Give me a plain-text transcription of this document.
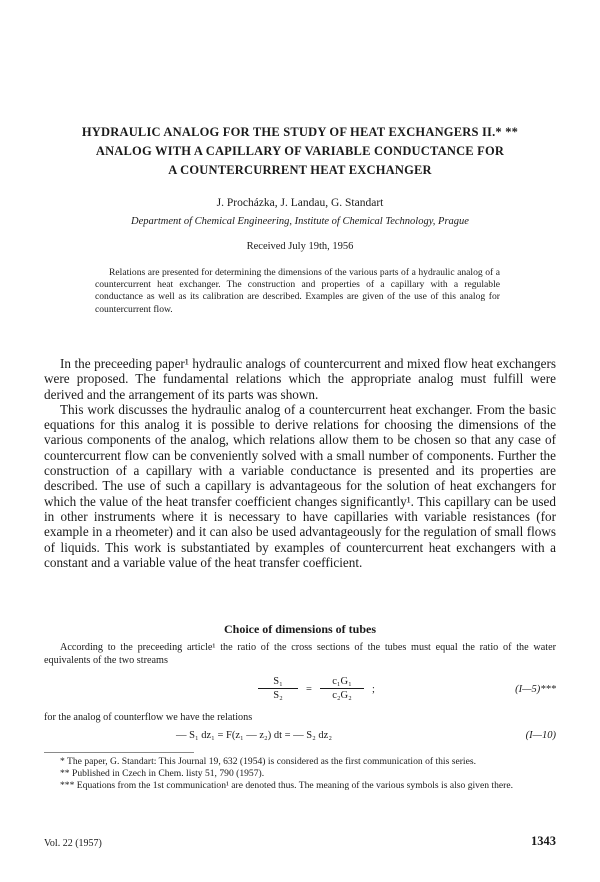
HYDRAULIC ANALOG FOR THE STUDY OF HEAT EXCHANGERS II.* **
ANALOG WITH A CAPILLARY OF VARIABLE CONDUCTANCE FOR
A COUNTERCURRENT HEAT EXCHANGER
J. Procházka, J. Landau, G. Standart
Department of Chemical Engineering, Institute of Chemical Technology, Prague
Received July 19th, 1956
Relations are presented for determining the dimensions of the various parts of a hydraulic analog of a countercurrent heat exchanger. The construction and properties of a capillary with a regulable conductance as well as its calibration are described. Examples are given of the use of this analog for countercurrent flow.

In the preceeding paper¹ hydraulic analogs of countercurrent and mixed flow heat exchangers were proposed. The fundamental relations which the appropriate analog must fulfill were derived and the arrangement of its parts was shown.

This work discusses the hydraulic analog of a countercurrent heat exchanger. From the basic equations for this analog it is possible to derive relations for choosing the dimensions of the various components of the analog, which relations allow them to be chosen so that any case of countercurrent flow can be conveniently solved with a small number of components. Further the construction of a capillary with a variable conductance is presented and its properties are described. The use of such a capillary is advantageous for the solution of heat exchangers for which the value of the heat transfer coefficient changes significantly¹. This capillary can be used in other instruments where it is necessary to have capillaries with variable resistances (for example in a rheometer) and it can also be used advantageously for the regulation of small flows of liquids. This work is substantiated by examples of countercurrent heat exchangers with a constant and a variable value of the heat transfer coefficient.

Choice of dimensions of tubes

According to the preceeding article¹ the ratio of the cross sections of the tubes must equal the ratio of the water equivalents of the two streams

$\frac{\text{S₁}}{\text{S₂}} = \frac{\text{c₁G₁}}{\text{c₂G₂}}$ ;	(I—5)***
for the analog of counterflow we have the relations
— S₁ dz₁ = F(z₁ — z₂) dt = — S₂ dz₂	(I—10)

* The paper, G. Standart: This Journal 19, 632 (1954) is considered as the first communication of this series.

** Published in Czech in Chem. listy 51, 790 (1957).

*** Equations from the 1st communication¹ are denoted thus. The meaning of the various symbols is also given there.

Vol. 22 (1957)	1343
